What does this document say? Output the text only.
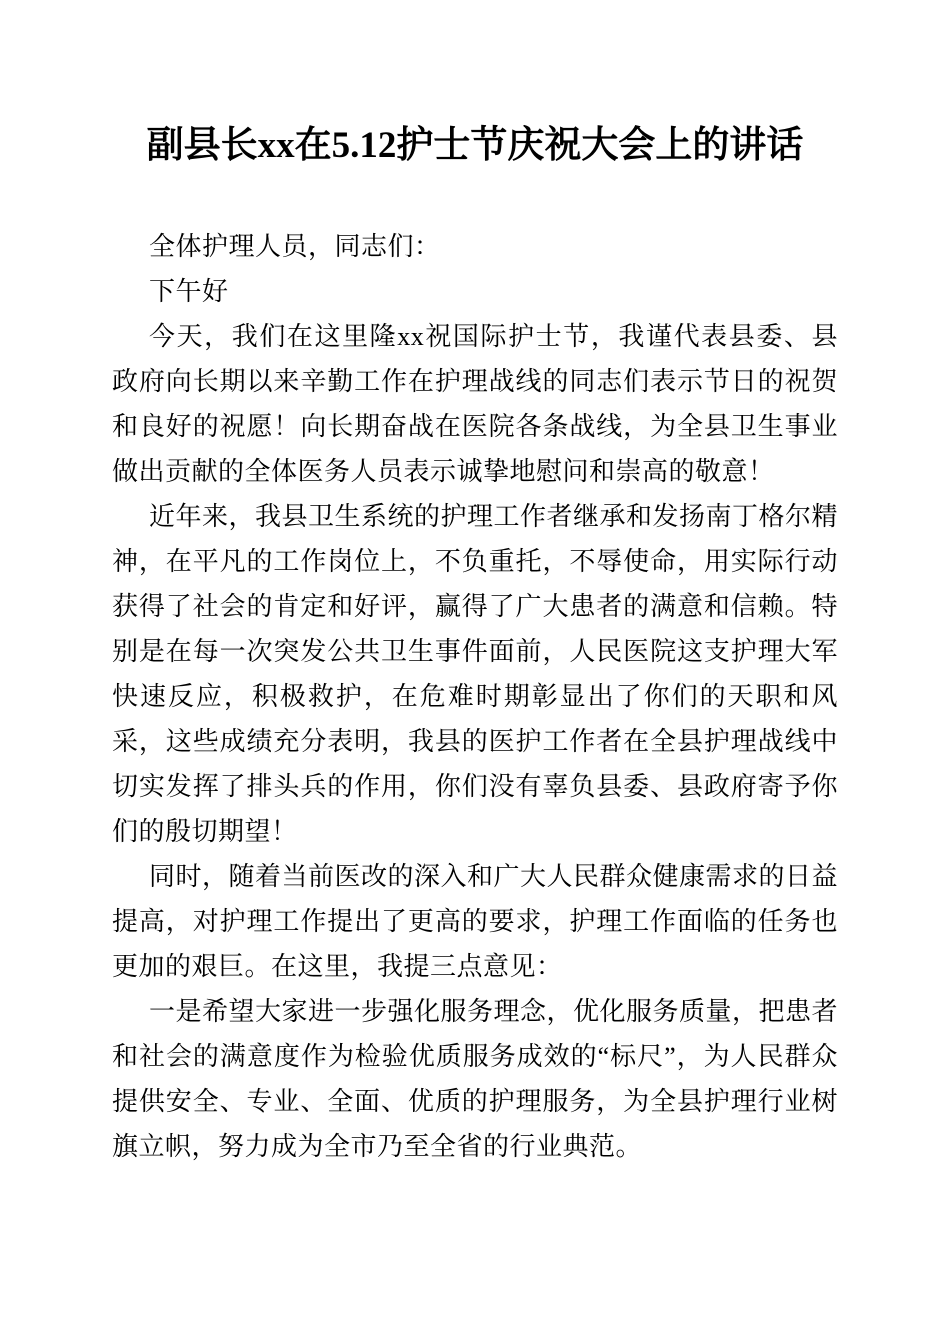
副县长xx在5.12护士节庆祝大会上的讲话

全体护理人员，同志们：

下午好

今天，我们在这里隆xx祝国际护士节，我谨代表县委、县政府向长期以来辛勤工作在护理战线的同志们表示节日的祝贺和良好的祝愿！向长期奋战在医院各条战线，为全县卫生事业做出贡献的全体医务人员表示诚挚地慰问和崇高的敬意！

近年来，我县卫生系统的护理工作者继承和发扬南丁格尔精神，在平凡的工作岗位上，不负重托，不辱使命，用实际行动获得了社会的肯定和好评，赢得了广大患者的满意和信赖。特别是在每一次突发公共卫生事件面前，人民医院这支护理大军快速反应，积极救护，在危难时期彰显出了你们的天职和风采，这些成绩充分表明，我县的医护工作者在全县护理战线中切实发挥了排头兵的作用，你们没有辜负县委、县政府寄予你们的殷切期望！

同时，随着当前医改的深入和广大人民群众健康需求的日益提高，对护理工作提出了更高的要求，护理工作面临的任务也更加的艰巨。在这里，我提三点意见：

一是希望大家进一步强化服务理念，优化服务质量，把患者和社会的满意度作为检验优质服务成效的“标尺”，为人民群众提供安全、专业、全面、优质的护理服务，为全县护理行业树旗立帜，努力成为全市乃至全省的行业典范。
